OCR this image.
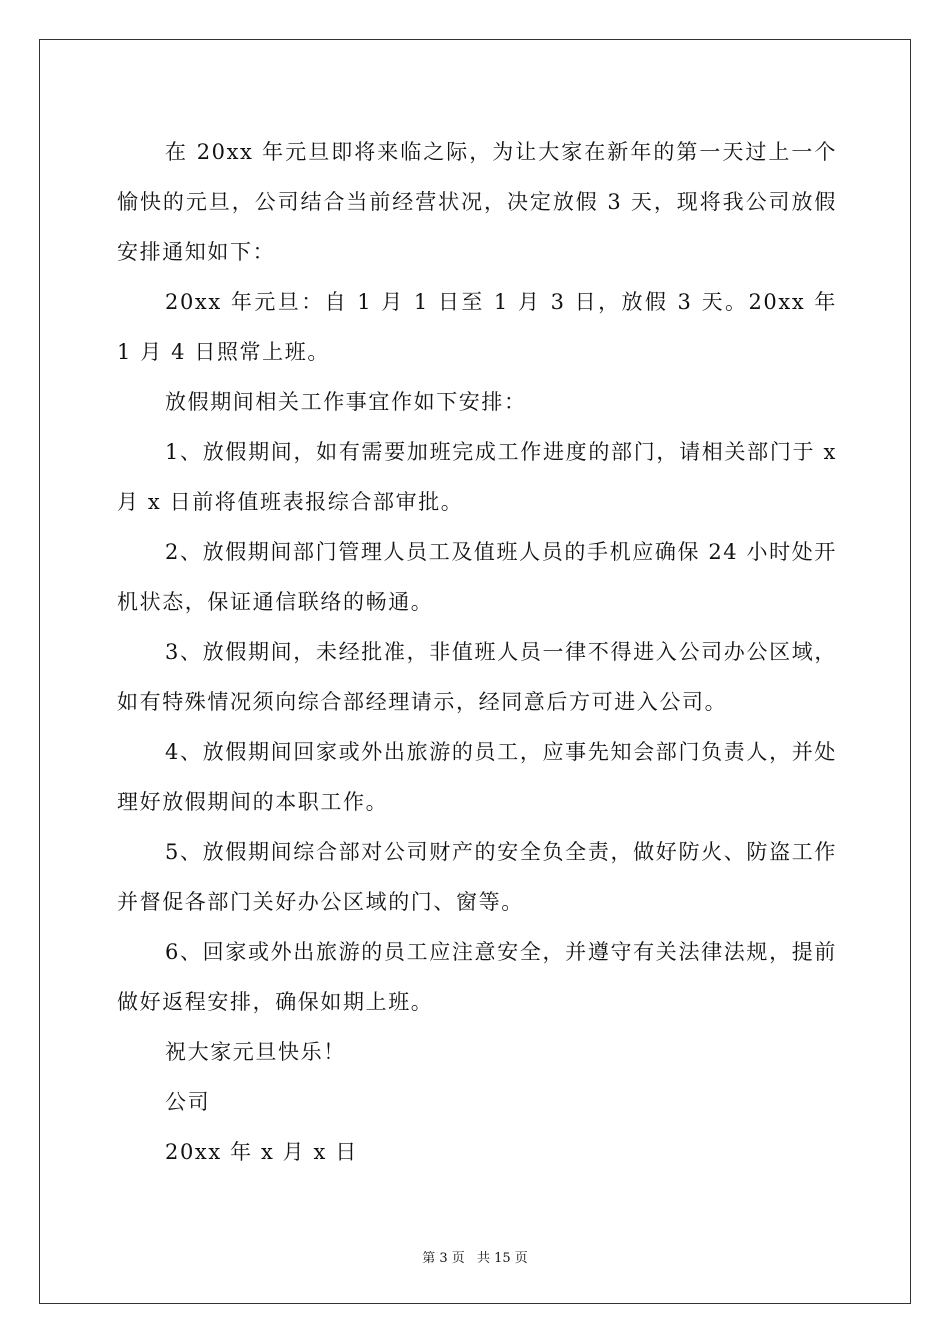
在 20xx 年元旦即将来临之际，为让大家在新年的第一天过上一个愉快的元旦，公司结合当前经营状况，决定放假 3 天，现将我公司放假安排通知如下：

20xx 年元旦：自 1 月 1 日至 1 月 3 日，放假 3 天。20xx 年 1 月 4 日照常上班。

放假期间相关工作事宜作如下安排：

1、放假期间，如有需要加班完成工作进度的部门，请相关部门于 x 月 x 日前将值班表报综合部审批。

2、放假期间部门管理人员工及值班人员的手机应确保 24 小时处开机状态，保证通信联络的畅通。

3、放假期间，未经批准，非值班人员一律不得进入公司办公区域，如有特殊情况须向综合部经理请示，经同意后方可进入公司。

4、放假期间回家或外出旅游的员工，应事先知会部门负责人，并处理好放假期间的本职工作。

5、放假期间综合部对公司财产的安全负全责，做好防火、防盗工作并督促各部门关好办公区域的门、窗等。

6、回家或外出旅游的员工应注意安全，并遵守有关法律法规，提前做好返程安排，确保如期上班。

祝大家元旦快乐！

公司

20xx 年 x 月 x 日

第 3 页 共 15 页
